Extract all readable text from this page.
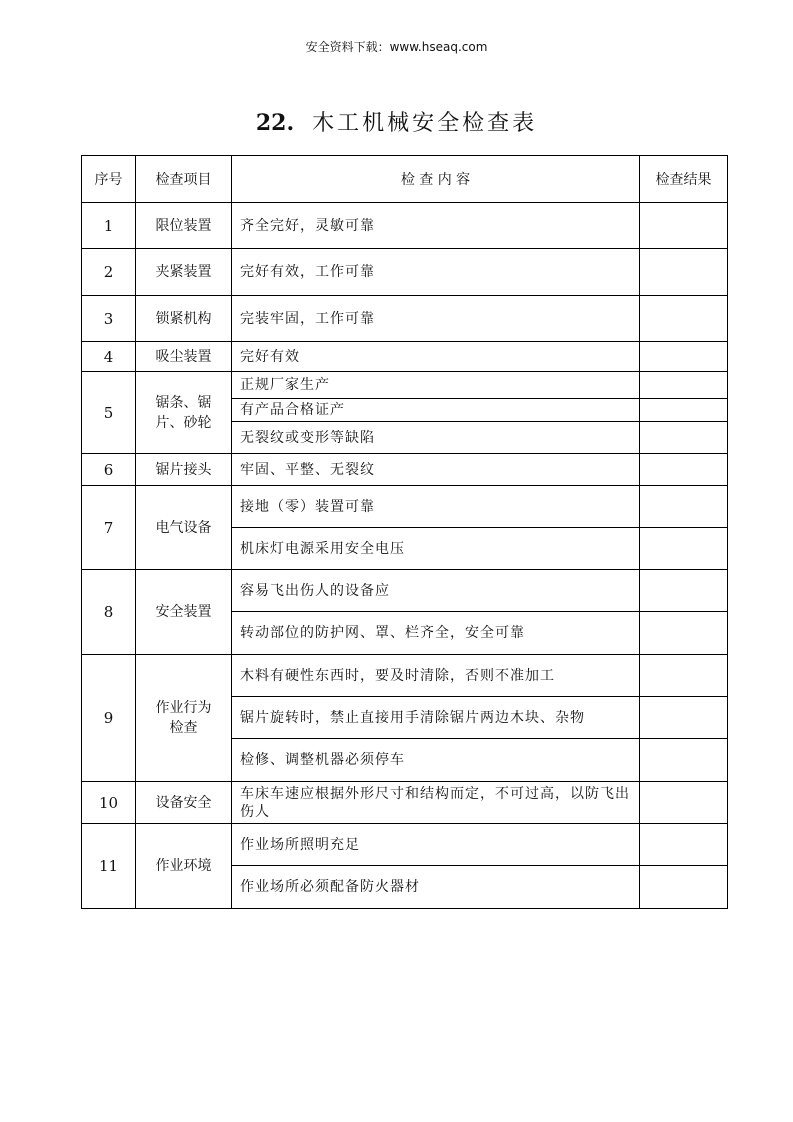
安全资料下载：www.hseaq.com
22. 木工机械安全检查表
序号	检查项目	检 查 内 容	检查结果
1	限位装置	齐全完好，灵敏可靠	
2	夹紧装置	完好有效，工作可靠	
3	锁紧机构	完装牢固，工作可靠	
4	吸尘装置	完好有效	
5	锯条、锯片、砂轮	正规厂家生产	
		有产品合格证产	
		无裂纹或变形等缺陷	
6	锯片接头	牢固、平整、无裂纹	
7	电气设备	接地（零）装置可靠	
		机床灯电源采用安全电压	
8	安全装置	容易飞出伤人的设备应	
		转动部位的防护网、罩、栏齐全，安全可靠	
9	作业行为检查	木料有硬性东西时，要及时清除，否则不准加工	
		锯片旋转时，禁止直接用手清除锯片两边木块、杂物	
		检修、调整机器必须停车	
10	设备安全	车床车速应根据外形尺寸和结构而定，不可过高，以防飞出伤人	
11	作业环境	作业场所照明充足	
		作业场所必须配备防火器材	
